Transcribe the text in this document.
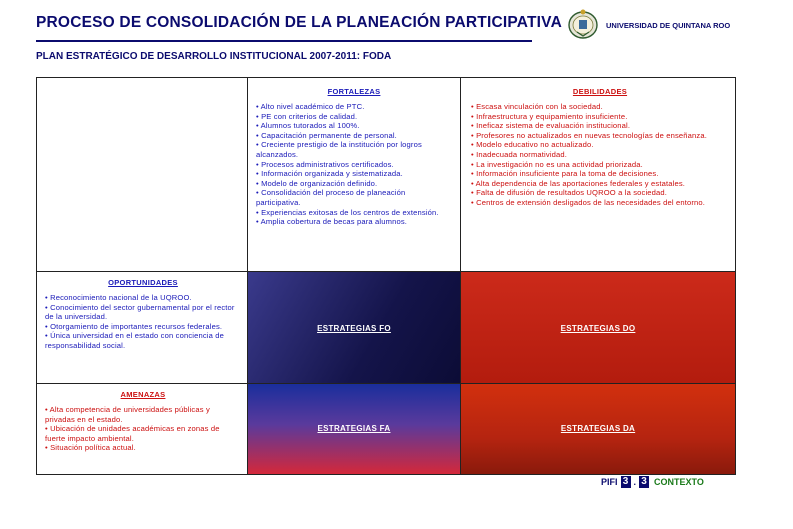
PROCESO DE CONSOLIDACIÓN DE LA PLANEACIÓN PARTICIPATIVA
PLAN ESTRATÉGICO DE DESARROLLO INSTITUCIONAL 2007-2011: FODA
UNIVERSIDAD DE QUINTANA ROO
FORTALEZAS
• Alto nivel académico de PTC.
• PE con criterios de calidad.
• Alumnos tutorados al 100%.
• Capacitación permanente de personal.
• Creciente prestigio de la institución por logros alcanzados.
• Procesos administrativos certificados.
• Información organizada y sistematizada.
• Modelo de organización definido.
• Consolidación del proceso de planeación participativa.
• Experiencias exitosas de los centros de extensión.
• Amplia cobertura de becas para alumnos.
DEBILIDADES
• Escasa vinculación con la sociedad.
• Infraestructura y equipamiento insuficiente.
• Ineficaz sistema de evaluación institucional.
• Profesores no actualizados en nuevas tecnologías de enseñanza.
• Modelo educativo no actualizado.
• Inadecuada normatividad.
• La investigación no es una actividad priorizada.
• Información insuficiente para la toma de decisiones.
• Alta dependencia de las aportaciones federales y estatales.
• Falta de difusión de resultados UQROO a la sociedad.
• Centros de extensión desligados de las necesidades del entorno.
OPORTUNIDADES
• Reconocimiento nacional de la UQROO.
• Conocimiento del sector gubernamental por el rector de la universidad.
• Otorgamiento de importantes recursos federales.
• Única universidad en el estado con conciencia de responsabilidad social.
ESTRATEGIAS FO	ESTRATEGIAS DO
AMENAZAS
• Alta competencia de universidades públicas y privadas en el estado.
• Ubicación de unidades académicas en zonas de fuerte impacto ambiental.
• Situación política actual.
ESTRATEGIAS FA	ESTRATEGIAS DA
PIFI 3 . 3 CONTEXTO
